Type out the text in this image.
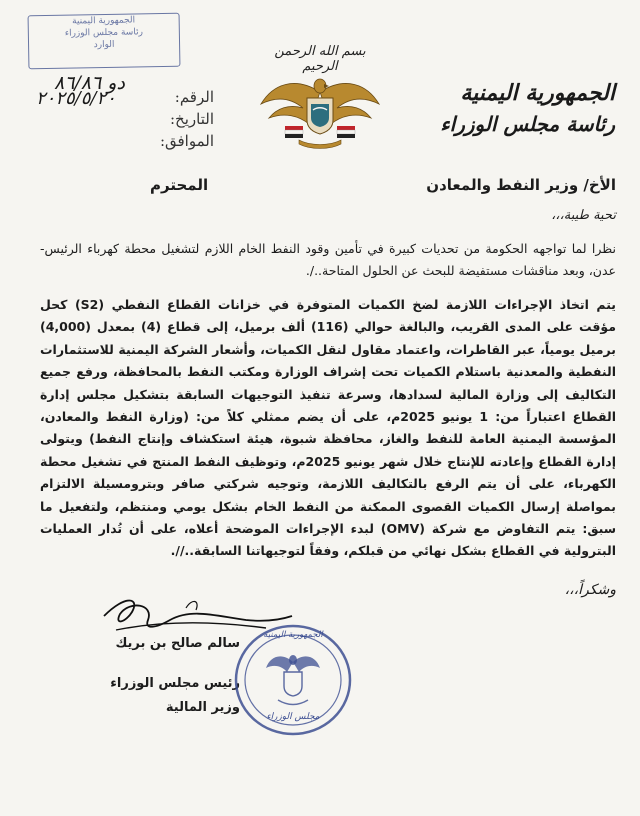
الجمهورية اليمنية
رئاسة مجلس الوزراء
الوارد
دو ٨٦/٨٦
الرقم:
التاريخ:
الموافق:
٢٠٢٥/٥/٢٠
بسم الله الرحمن الرحيم
الجمهورية اليمنية
رئاسة مجلس الوزراء
الأخ/ وزير النفط والمعادن
المحترم
تحية طيبة،،،
نظرا لما تواجهه الحكومة من تحديات كبيرة في تأمين وقود النفط الخام اللازم لتشغيل محطة كهرباء الرئيس- عدن، وبعد مناقشات مستفيضة للبحث عن الحلول المتاحة../.
يتم اتخاذ الإجراءات اللازمة لضخ الكميات المتوفرة في خزانات القطاع النفطي (S2) كحل مؤقت على المدى القريب، والبالغة حوالي (116) ألف برميل، إلى قطاع (4) بمعدل (4,000) برميل يومياً، عبر القاطرات، واعتماد مقاول لنقل الكميات، وأشعار الشركة اليمنية للاستثمارات النفطية والمعدنية باستلام الكميات تحت إشراف الوزارة ومكتب النفط بالمحافظة، ورفع جميع التكاليف إلى وزارة المالية لسدادها، وسرعة تنفيذ التوجيهات السابقة بتشكيل مجلس إدارة القطاع اعتباراً من: 1 يونيو 2025م، على أن يضم ممثلي كلاً من: (وزارة النفط والمعادن، المؤسسة اليمنية العامة للنفط والغاز، محافظة شبوة، هيئة استكشاف وإنتاج النفط) ويتولى إدارة القطاع وإعادته للإنتاج خلال شهر يونيو 2025م، وتوظيف النفط المنتج في تشغيل محطة الكهرباء، على أن يتم الرفع بالتكاليف اللازمة، وتوجيه شركتي صافر وبترومسيلة الالتزام بمواصلة إرسال الكميات القصوى الممكنة من النفط الخام بشكل يومي ومنتظم، ولتفعيل ما سبق: يتم التفاوض مع شركة (OMV) لبدء الإجراءات الموضحة أعلاه، على أن تُدار العمليات البترولية في القطاع بشكل نهائي من قبلكم، وفقاً لتوجيهاتنا السابقة..//.
وشكراً،،،
سالم صالح بن بريك
رئيس مجلس الوزراء
وزير المالية
الجمهورية اليمنية
مجلس الوزراء
